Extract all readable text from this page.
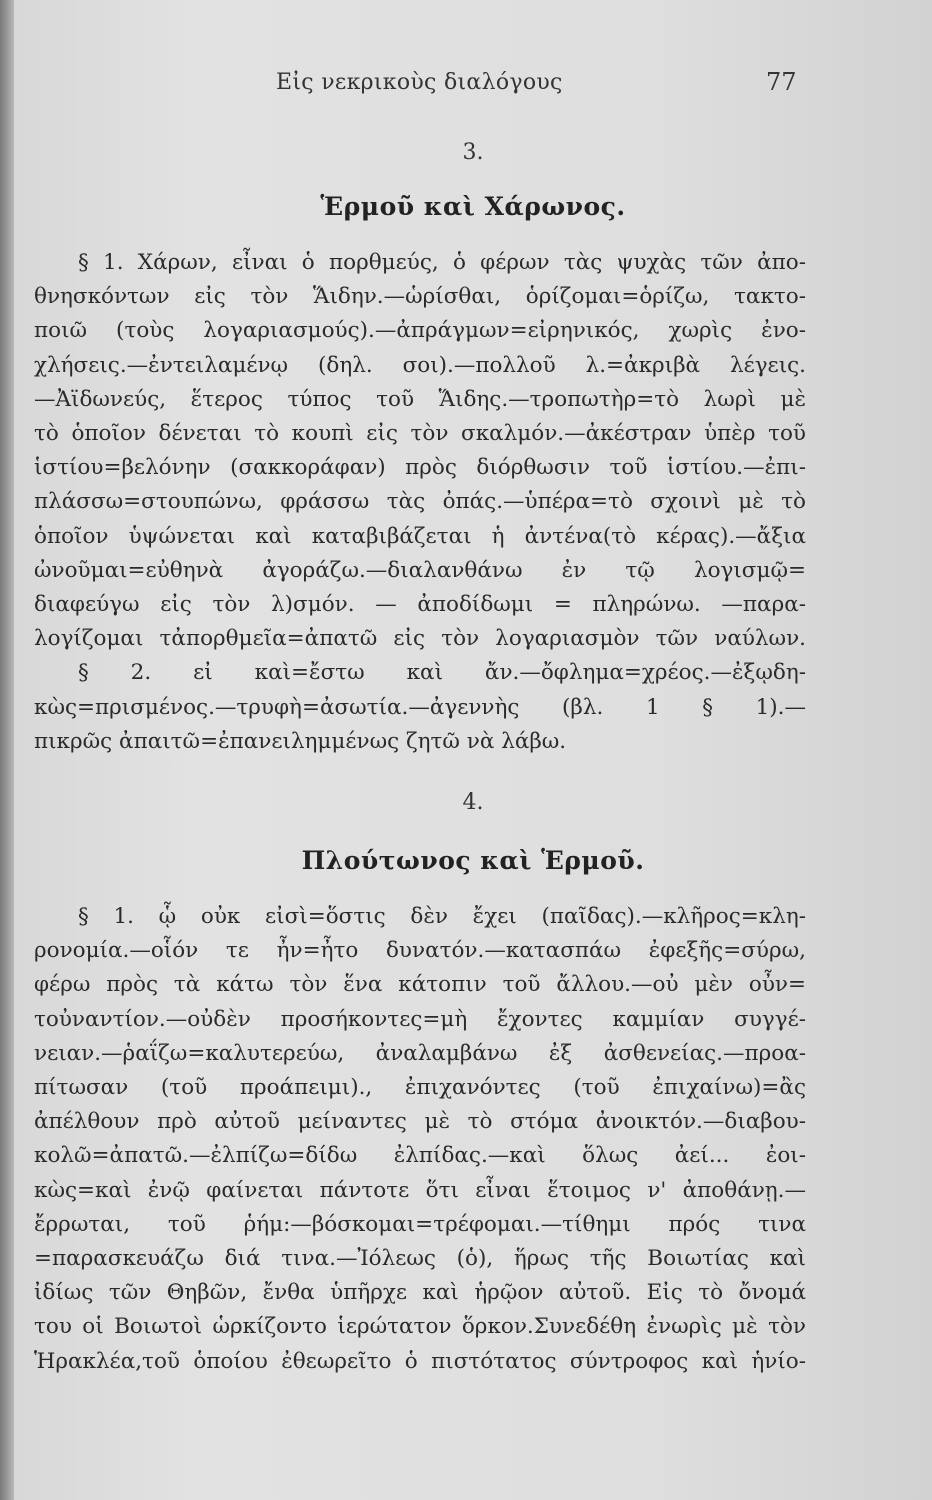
Εἰς νεκρικοὺς διαλόγους	77
3.
Ἑρμοῦ καὶ Χάρωνος.
§ 1. Χάρων, εἶναι ὁ πορθμεύς, ὁ φέρων τὰς ψυχὰς τῶν ἀπο-
θνησκόντων εἰς τὸν Ἅιδην.—ὡρίσθαι, ὁρίζομαι=ὁρίζω, τακτο-
ποιῶ (τοὺς λογαριασμούς).—ἀπράγμων=εἰρηνικός, χωρὶς ἐνο-
χλήσεις.—ἐντειλαμένῳ (δηλ. σοι).—πολλοῦ λ.=ἀκριβὰ λέγεις.
—Ἀϊδωνεύς, ἕτερος τύπος τοῦ Ἅιδης.—τροπωτὴρ=τὸ λωρὶ μὲ
τὸ ὁποῖον δένεται τὸ κουπὶ εἰς τὸν σκαλμόν.—ἀκέστραν ὑπὲρ τοῦ
ἱστίου=βελόνην (σακκοράφαν) πρὸς διόρθωσιν τοῦ ἱστίου.—ἐπι-
πλάσσω=στουπώνω, φράσσω τὰς ὀπάς.—ὑπέρα=τὸ σχοινὶ μὲ τὸ
ὁποῖον ὑψώνεται καὶ καταβιβάζεται ἡ ἀντένα(τὸ κέρας).—ἄξια
ὠνοῦμαι=εὐθηνὰ ἀγοράζω.—διαλανθάνω ἐν τῷ λογισμῷ=
διαφεύγω εἰς τὸν λ)σμόν. — ἀποδίδωμι = πληρώνω. —παρα-
λογίζομαι τἀπορθμεῖα=ἀπατῶ εἰς τὸν λογαριασμὸν τῶν ναύλων.
§ 2. εἰ καὶ=ἔστω καὶ ἄν.—ὄφλημα=χρέος.—ἐξῳδη-
κὼς=πρισμένος.—τρυφὴ=ἀσωτία.—ἀγεννὴς (βλ. 1 § 1).—
πικρῶς ἀπαιτῶ=ἐπανειλημμένως ζητῶ νὰ λάβω.
4.
Πλούτωνος καὶ Ἑρμοῦ.
§ 1. ᾧ οὐκ εἰσὶ=ὅστις δὲν ἔχει (παῖδας).—κλῆρος=κλη-
ρονομία.—οἷόν τε ἦν=ἦτο δυνατόν.—κατασπάω ἐφεξῆς=σύρω,
φέρω πρὸς τὰ κάτω τὸν ἕνα κάτοπιν τοῦ ἄλλου.—οὐ μὲν οὖν=
τοὐναντίον.—οὐδὲν προσήκοντες=μὴ ἔχοντες καμμίαν συγγέ-
νειαν.—ῥαΐζω=καλυτερεύω, ἀναλαμβάνω ἐξ ἀσθενείας.—προα-
πίτωσαν (τοῦ προάπειμι)., ἐπιχανόντες (τοῦ ἐπιχαίνω)=ἂς
ἀπέλθουν πρὸ αὐτοῦ μείναντες μὲ τὸ στόμα ἀνοικτόν.—διαβου-
κολῶ=ἀπατῶ.—ἐλπίζω=δίδω ἐλπίδας.—καὶ ὅλως ἀεί... ἐοι-
κὼς=καὶ ἐνῷ φαίνεται πάντοτε ὅτι εἶναι ἕτοιμος ν' ἀποθάνῃ.—
ἔρρωται, τοῦ ῥήμ:—βόσκομαι=τρέφομαι.—τίθημι πρός τινα
=παρασκευάζω διά τινα.—Ἰόλεως (ὁ), ἥρως τῆς Βοιωτίας καὶ
ἰδίως τῶν Θηβῶν, ἔνθα ὑπῆρχε καὶ ἡρῷον αὐτοῦ. Εἰς τὸ ὄνομά
του οἱ Βοιωτοὶ ὡρκίζοντο ἱερώτατον ὅρκον.Συνεδέθη ἐνωρὶς μὲ τὸν
Ἡρακλέα,τοῦ ὁποίου ἐθεωρεῖτο ὁ πιστότατος σύντροφος καὶ ἡνίο-
